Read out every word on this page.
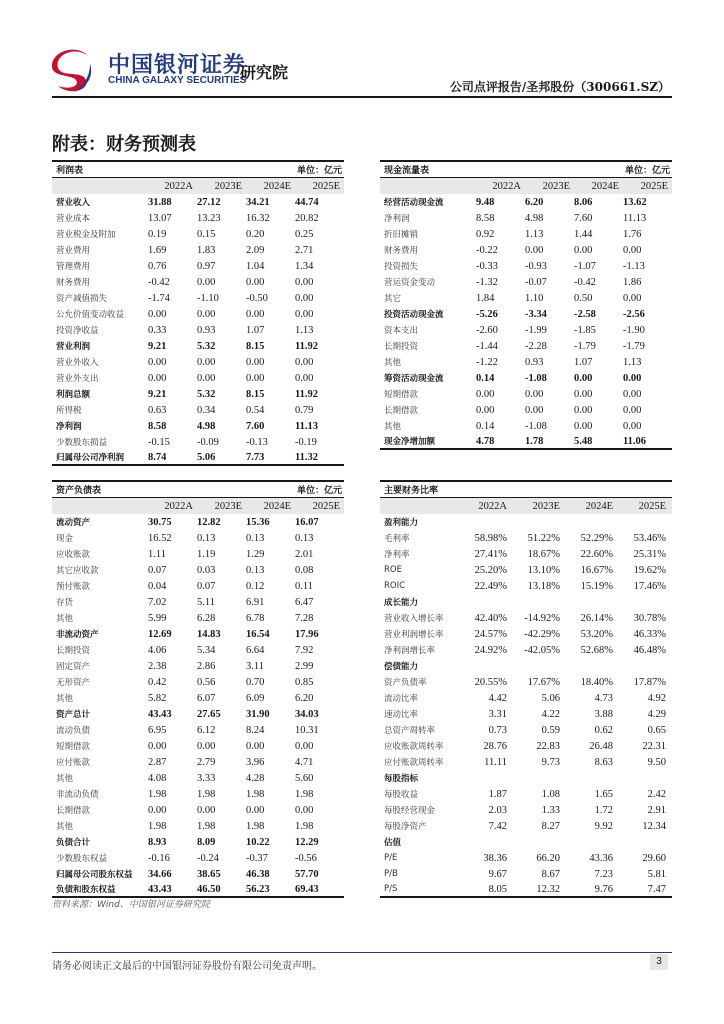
中国银河证券
CHINA GALAXY SECURITIES
研究院
公司点评报告/圣邦股份（300661.SZ）
附表：财务预测表
利润表	单位：亿元
2022A	2023E	2024E	2025E
营业收入	31.88	27.12	34.21	44.74
营业成本	13.07	13.23	16.32	20.82
营业税金及附加	0.19	0.15	0.20	0.25
营业费用	1.69	1.83	2.09	2.71
管理费用	0.76	0.97	1.04	1.34
财务费用	-0.42	0.00	0.00	0.00
资产减值损失	-1.74	-1.10	-0.50	0.00
公允价值变动收益	0.00	0.00	0.00	0.00
投资净收益	0.33	0.93	1.07	1.13
营业利润	9.21	5.32	8.15	11.92
营业外收入	0.00	0.00	0.00	0.00
营业外支出	0.00	0.00	0.00	0.00
利润总额	9.21	5.32	8.15	11.92
所得税	0.63	0.34	0.54	0.79
净利润	8.58	4.98	7.60	11.13
少数股东损益	-0.15	-0.09	-0.13	-0.19
归属母公司净利润	8.74	5.06	7.73	11.32
现金流量表	单位：亿元
2022A	2023E	2024E	2025E
经营活动现金流	9.48	6.20	8.06	13.62
净利润	8.58	4.98	7.60	11.13
折旧摊销	0.92	1.13	1.44	1.76
财务费用	-0.22	0.00	0.00	0.00
投资损失	-0.33	-0.93	-1.07	-1.13
营运资金变动	-1.32	-0.07	-0.42	1.86
其它	1.84	1.10	0.50	0.00
投资活动现金流	-5.26	-3.34	-2.58	-2.56
资本支出	-2.60	-1.99	-1.85	-1.90
长期投资	-1.44	-2.28	-1.79	-1.79
其他	-1.22	0.93	1.07	1.13
筹资活动现金流	0.14	-1.08	0.00	0.00
短期借款	0.00	0.00	0.00	0.00
长期借款	0.00	0.00	0.00	0.00
其他	0.14	-1.08	0.00	0.00
现金净增加额	4.78	1.78	5.48	11.06
资产负债表	单位：亿元
2022A	2023E	2024E	2025E
流动资产	30.75	12.82	15.36	16.07
现金	16.52	0.13	0.13	0.13
应收账款	1.11	1.19	1.29	2.01
其它应收款	0.07	0.03	0.13	0.08
预付账款	0.04	0.07	0.12	0.11
存货	7.02	5.11	6.91	6.47
其他	5.99	6.28	6.78	7.28
非流动资产	12.69	14.83	16.54	17.96
长期投资	4.06	5.34	6.64	7.92
固定资产	2.38	2.86	3.11	2.99
无形资产	0.42	0.56	0.70	0.85
其他	5.82	6.07	6.09	6.20
资产总计	43.43	27.65	31.90	34.03
流动负债	6.95	6.12	8.24	10.31
短期借款	0.00	0.00	0.00	0.00
应付账款	2.87	2.79	3.96	4.71
其他	4.08	3.33	4.28	5.60
非流动负债	1.98	1.98	1.98	1.98
长期借款	0.00	0.00	0.00	0.00
其他	1.98	1.98	1.98	1.98
负债合计	8.93	8.09	10.22	12.29
少数股东权益	-0.16	-0.24	-0.37	-0.56
归属母公司股东权益	34.66	38.65	46.38	57.70
负债和股东权益	43.43	46.50	56.23	69.43
主要财务比率
2022A	2023E	2024E	2025E
盈利能力
毛利率	58.98%	51.22%	52.29%	53.46%
净利率	27.41%	18.67%	22.60%	25.31%
ROE	25.20%	13.10%	16.67%	19.62%
ROIC	22.49%	13.18%	15.19%	17.46%
成长能力
营业收入增长率	42.40%	-14.92%	26.14%	30.78%
营业利润增长率	24.57%	-42.29%	53.20%	46.33%
净利润增长率	24.92%	-42.05%	52.68%	46.48%
偿债能力
资产负债率	20.55%	17.67%	18.40%	17.87%
流动比率	4.42	5.06	4.73	4.92
速动比率	3.31	4.22	3.88	4.29
总资产周转率	0.73	0.59	0.62	0.65
应收账款周转率	28.76	22.83	26.48	22.31
应付账款周转率	11.11	9.73	8.63	9.50
每股指标
每股收益	1.87	1.08	1.65	2.42
每股经营现金	2.03	1.33	1.72	2.91
每股净资产	7.42	8.27	9.92	12.34
估值
P/E	38.36	66.20	43.36	29.60
P/B	9.67	8.67	7.23	5.81
P/S	8.05	12.32	9.76	7.47
资料来源：Wind、中国银河证券研究院
请务必阅读正文最后的中国银河证券股份有限公司免责声明。	3
